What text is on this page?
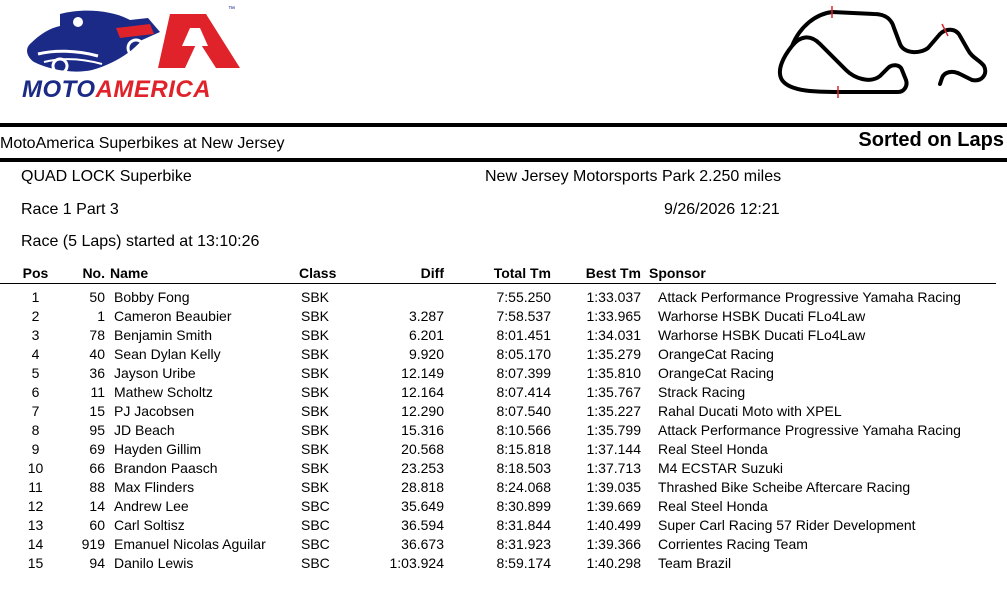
MOTOAMERICA
™
MotoAmerica Superbikes at New Jersey	Sorted on Laps
QUAD LOCK Superbike	New Jersey Motorsports Park 2.250 miles
Race 1 Part 3	9/26/2026 12:21
Race (5 Laps) started at 13:10:26
Pos	No.	Name	Class	Diff	Total Tm	Best Tm	Sponsor
1	50	Bobby Fong	SBK		7:55.250	1:33.037	Attack Performance Progressive Yamaha Racing
2	1	Cameron Beaubier	SBK	3.287	7:58.537	1:33.965	Warhorse HSBK Ducati FLo4Law
3	78	Benjamin Smith	SBK	6.201	8:01.451	1:34.031	Warhorse HSBK Ducati FLo4Law
4	40	Sean Dylan Kelly	SBK	9.920	8:05.170	1:35.279	OrangeCat Racing
5	36	Jayson Uribe	SBK	12.149	8:07.399	1:35.810	OrangeCat Racing
6	11	Mathew Scholtz	SBK	12.164	8:07.414	1:35.767	Strack Racing
7	15	PJ Jacobsen	SBK	12.290	8:07.540	1:35.227	Rahal Ducati Moto with XPEL
8	95	JD Beach	SBK	15.316	8:10.566	1:35.799	Attack Performance Progressive Yamaha Racing
9	69	Hayden Gillim	SBK	20.568	8:15.818	1:37.144	Real Steel Honda
10	66	Brandon Paasch	SBK	23.253	8:18.503	1:37.713	M4 ECSTAR Suzuki
11	88	Max Flinders	SBK	28.818	8:24.068	1:39.035	Thrashed Bike Scheibe Aftercare Racing
12	14	Andrew Lee	SBC	35.649	8:30.899	1:39.669	Real Steel Honda
13	60	Carl Soltisz	SBC	36.594	8:31.844	1:40.499	Super Carl Racing 57 Rider Development
14	919	Emanuel Nicolas Aguilar	SBC	36.673	8:31.923	1:39.366	Corrientes Racing Team
15	94	Danilo Lewis	SBC	1:03.924	8:59.174	1:40.298	Team Brazil
